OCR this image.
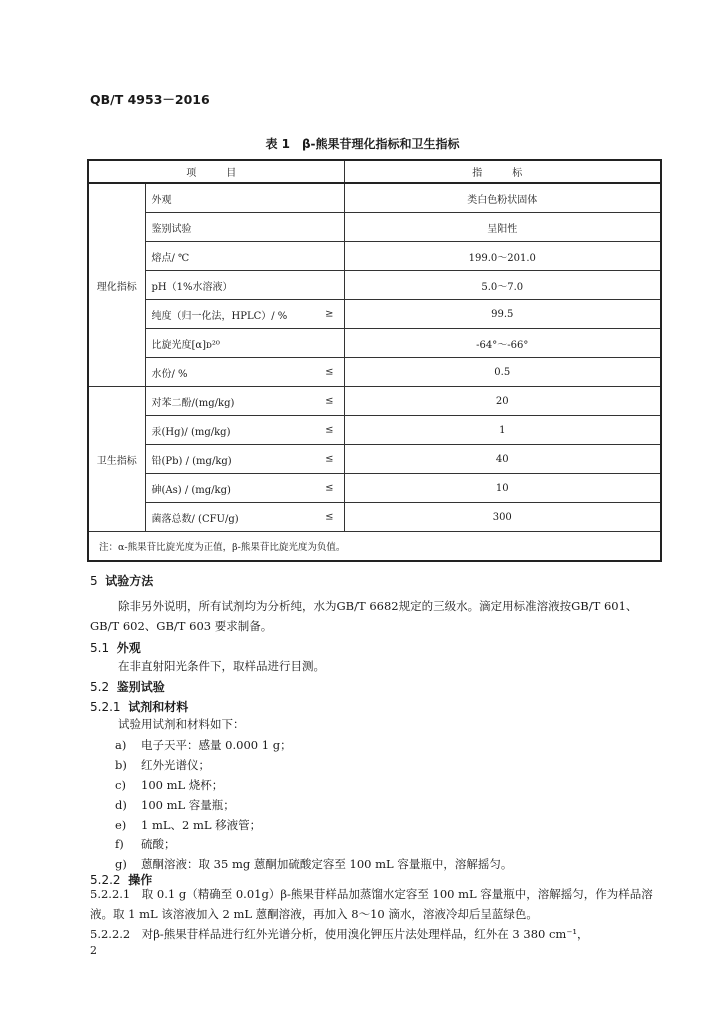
QB/T 4953－2016
表 1　β-熊果苷理化指标和卫生指标
项　目		指　标
理化指标	外观	类白色粉状固体
	鉴别试验	呈阳性
	熔点/ ℃	199.0～201.0
	pH（1%水溶液）	5.0～7.0
	纯度（归一化法，HPLC）/ % ≥	99.5
	比旋光度[α]ᴅ²⁰	-64°～-66°
	水份/ % ≤	0.5
卫生指标	对苯二酚/(mg/kg) ≤	20
	汞(Hg)/ (mg/kg) ≤	1
	铅(Pb) / (mg/kg) ≤	40
	砷(As) / (mg/kg) ≤	10
	菌落总数/ (CFU/g) ≤	300
注：α-熊果苷比旋光度为正值，β-熊果苷比旋光度为负值。		
5 试验方法
除非另外说明，所有试剂均为分析纯，水为GB/T 6682规定的三级水。滴定用标准溶液按GB/T 601、GB/T 602、GB/T 603 要求制备。
5.1 外观
在非直射阳光条件下，取样品进行目测。
5.2 鉴别试验
5.2.1 试剂和材料
试验用试剂和材料如下：
a) 电子天平：感量 0.000 1 g；
b) 红外光谱仪；
c) 100 mL 烧杯；
d) 100 mL 容量瓶；
e) 1 mL、2 mL 移液管；
f) 硫酸；
g) 蒽酮溶液：取 35 mg 蒽酮加硫酸定容至 100 mL 容量瓶中，溶解摇匀。
5.2.2 操作
5.2.2.1　取 0.1 g（精确至 0.01g）β-熊果苷样品加蒸馏水定容至 100 mL 容量瓶中，溶解摇匀，作为样品溶液。取 1 mL 该溶液加入 2 mL 蒽酮溶液，再加入 8～10 滴水，溶液冷却后呈蓝绿色。
5.2.2.2　对β-熊果苷样品进行红外光谱分析，使用溴化钾压片法处理样品，红外在 3 380 cm⁻¹，
2
